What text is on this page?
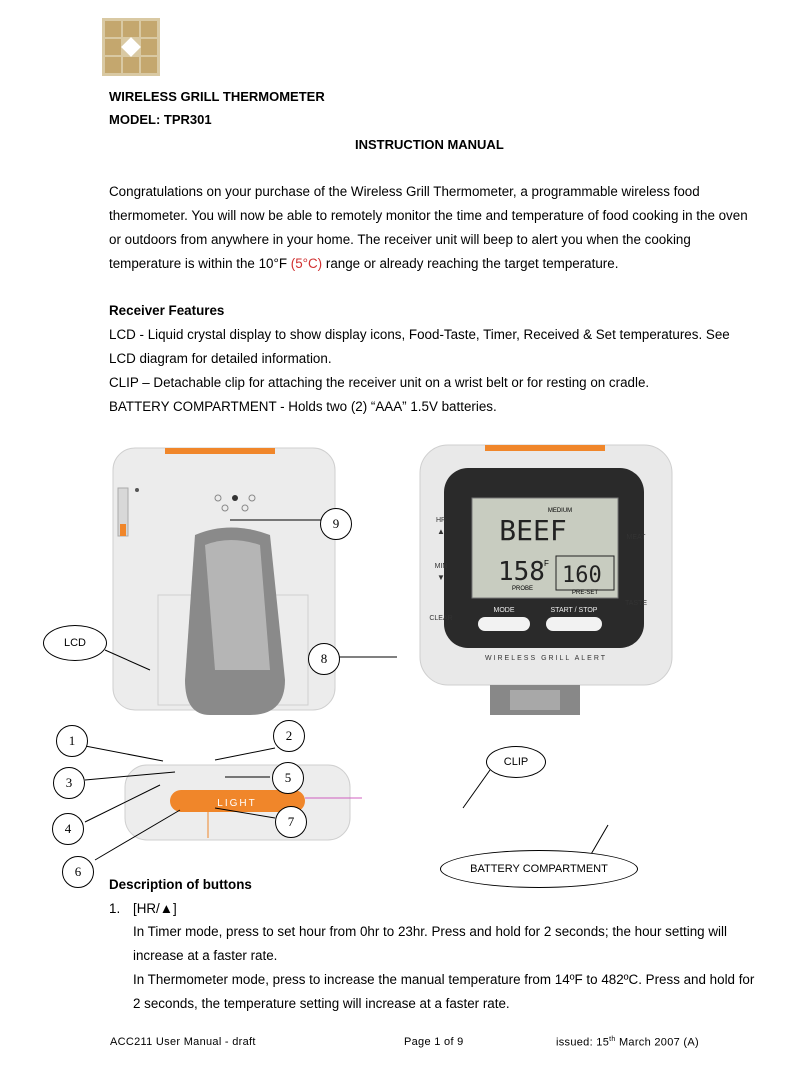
WIRELESS GRILL THERMOMETER
MODEL: TPR301
INSTRUCTION MANUAL
Congratulations on your purchase of the Wireless Grill Thermometer, a programmable wireless food thermometer. You will now be able to remotely monitor the time and temperature of food cooking in the oven or outdoors from anywhere in your home. The receiver unit will beep to alert you when the cooking temperature is within the 10°F (5°C) range or already reaching the target temperature.
Receiver Features
LCD - Liquid crystal display to show display icons, Food-Taste, Timer, Received & Set temperatures. See LCD diagram for detailed information.
CLIP – Detachable clip for attaching the receiver unit on a wrist belt or for resting on cradle.
BATTERY COMPARTMENT - Holds two (2) “AAA” 1.5V batteries.
MEDIUM
BEEF
158 F
PROBE
160
PRE-SET
HR
▲
MIN
▼
CLEAR
MEAT
TASTE
MODE	START / STOP
WIRELESS GRILL ALERT
LIGHT
9
8
1	2
3	5
4	7
6
LCD
CLIP
BATTERY COMPARTMENT
Description of buttons
1. [HR/▲]
In Timer mode, press to set hour from 0hr to 23hr. Press and hold for 2 seconds; the hour setting will increase at a faster rate.
In Thermometer mode, press to increase the manual temperature from 14ºF to 482ºC. Press and hold for 2 seconds, the temperature setting will increase at a faster rate.
ACC211 User Manual - draft	Page 1 of 9	issued: 15th March 2007 (A)
